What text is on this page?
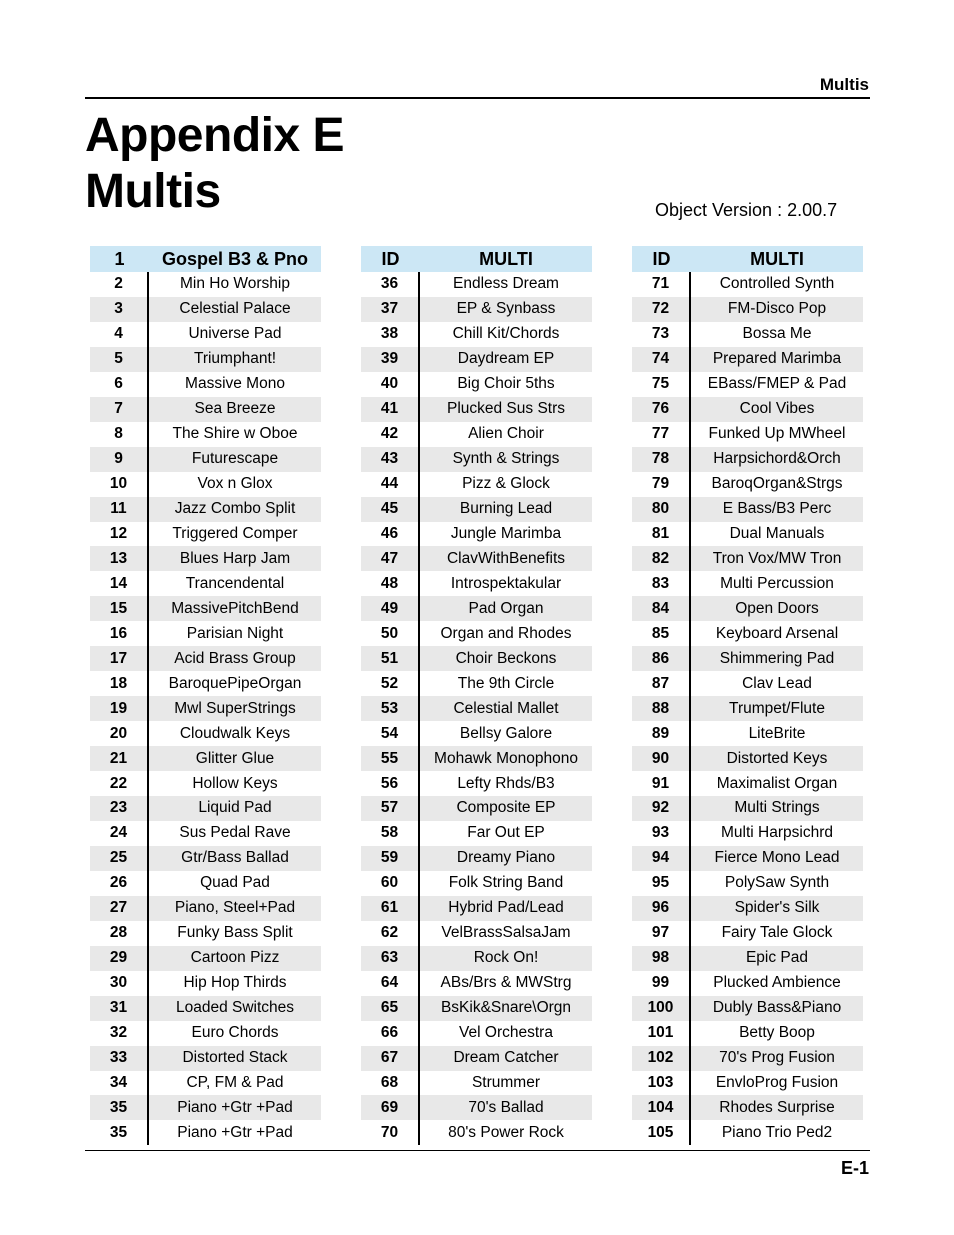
Multis
Appendix E
Multis	Object Version : 2.00.7
1	Gospel B3 & Pno
2	Min Ho Worship
3	Celestial Palace
4	Universe Pad
5	Triumphant!
6	Massive Mono
7	Sea Breeze
8	The Shire w Oboe
9	Futurescape
10	Vox n Glox
11	Jazz Combo Split
12	Triggered Comper
13	Blues Harp Jam
14	Trancendental
15	MassivePitchBend
16	Parisian Night
17	Acid Brass Group
18	BaroquePipeOrgan
19	Mwl SuperStrings
20	Cloudwalk Keys
21	Glitter Glue
22	Hollow Keys
23	Liquid Pad
24	Sus Pedal Rave
25	Gtr/Bass Ballad
26	Quad Pad
27	Piano, Steel+Pad
28	Funky Bass Split
29	Cartoon Pizz
30	Hip Hop Thirds
31	Loaded Switches
32	Euro Chords
33	Distorted Stack
34	CP, FM & Pad
35	Piano +Gtr +Pad
35	Piano +Gtr +Pad
ID	MULTI
36	Endless Dream
37	EP & Synbass
38	Chill Kit/Chords
39	Daydream EP
40	Big Choir 5ths
41	Plucked Sus Strs
42	Alien Choir
43	Synth & Strings
44	Pizz & Glock
45	Burning Lead
46	Jungle Marimba
47	ClavWithBenefits
48	Introspektakular
49	Pad Organ
50	Organ and Rhodes
51	Choir Beckons
52	The 9th Circle
53	Celestial Mallet
54	Bellsy Galore
55	Mohawk Monophono
56	Lefty Rhds/B3
57	Composite EP
58	Far Out EP
59	Dreamy Piano
60	Folk String Band
61	Hybrid Pad/Lead
62	VelBrassSalsaJam
63	Rock On!
64	ABs/Brs & MWStrg
65	BsKik&Snare\Orgn
66	Vel Orchestra
67	Dream Catcher
68	Strummer
69	70's Ballad
70	80's Power Rock
ID	MULTI
71	Controlled Synth
72	FM-Disco Pop
73	Bossa Me
74	Prepared Marimba
75	EBass/FMEP & Pad
76	Cool Vibes
77	Funked Up MWheel
78	Harpsichord&Orch
79	BaroqOrgan&Strgs
80	E Bass/B3 Perc
81	Dual Manuals
82	Tron Vox/MW Tron
83	Multi Percussion
84	Open Doors
85	Keyboard Arsenal
86	Shimmering Pad
87	Clav Lead
88	Trumpet/Flute
89	LiteBrite
90	Distorted Keys
91	Maximalist Organ
92	Multi Strings
93	Multi Harpsichrd
94	Fierce Mono Lead
95	PolySaw Synth
96	Spider's Silk
97	Fairy Tale Glock
98	Epic Pad
99	Plucked Ambience
100	Dubly Bass&Piano
101	Betty Boop
102	70's Prog Fusion
103	EnvloProg Fusion
104	Rhodes Surprise
105	Piano Trio Ped2
E-1
